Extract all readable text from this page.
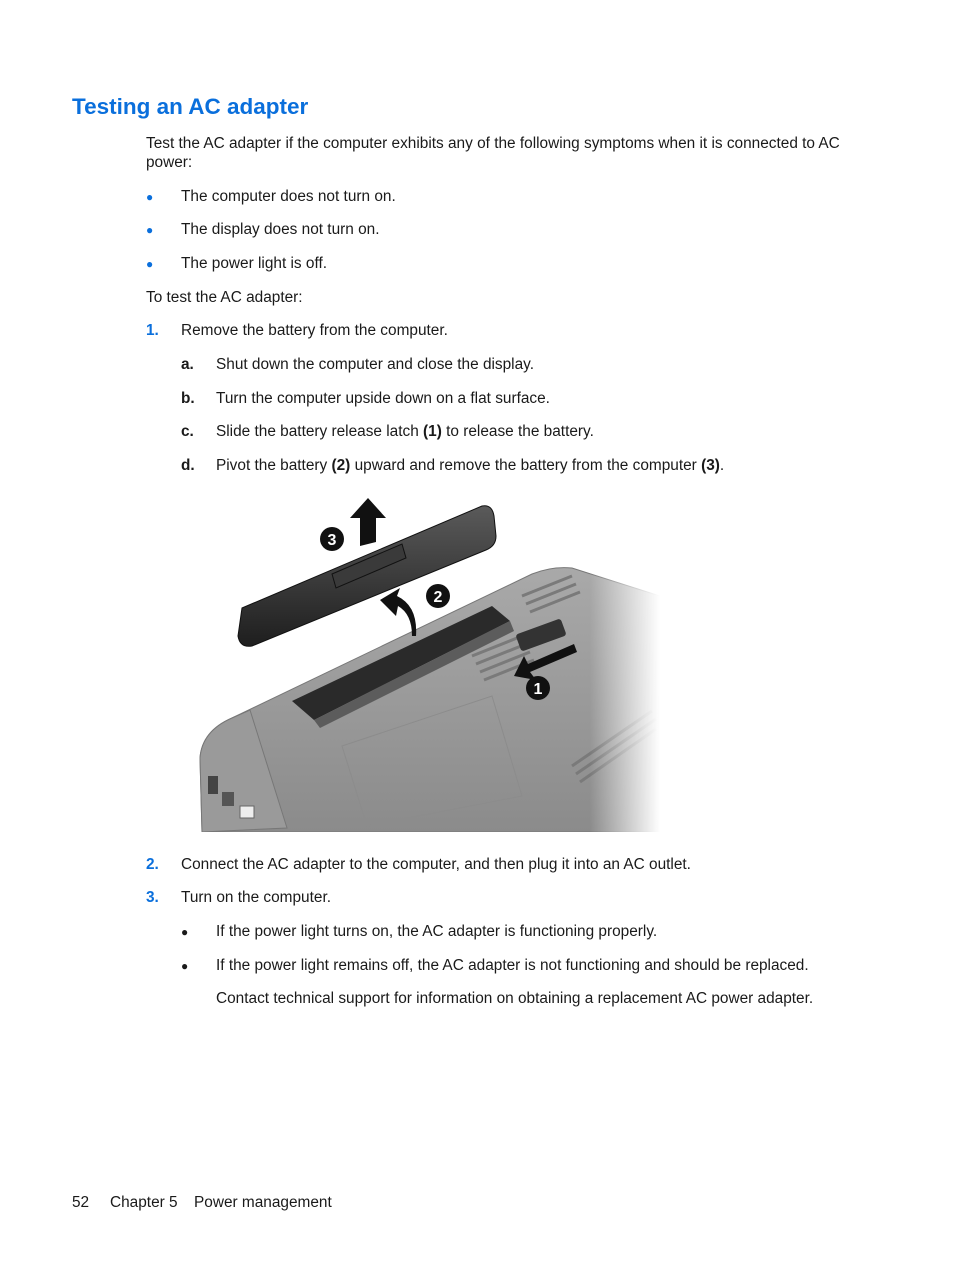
Testing an AC adapter
Test the AC adapter if the computer exhibits any of the following symptoms when it is connected to AC
power:
● The computer does not turn on.
● The display does not turn on.
● The power light is off.
To test the AC adapter:
1. Remove the battery from the computer.
a. Shut down the computer and close the display.
b. Turn the computer upside down on a flat surface.
c. Slide the battery release latch (1) to release the battery.
d. Pivot the battery (2) upward and remove the battery from the computer (3).
2. Connect the AC adapter to the computer, and then plug it into an AC outlet.
3. Turn on the computer.
● If the power light turns on, the AC adapter is functioning properly.
● If the power light remains off, the AC adapter is not functioning and should be replaced.
Contact technical support for information on obtaining a replacement AC power adapter.
52 Chapter 5 Power management
